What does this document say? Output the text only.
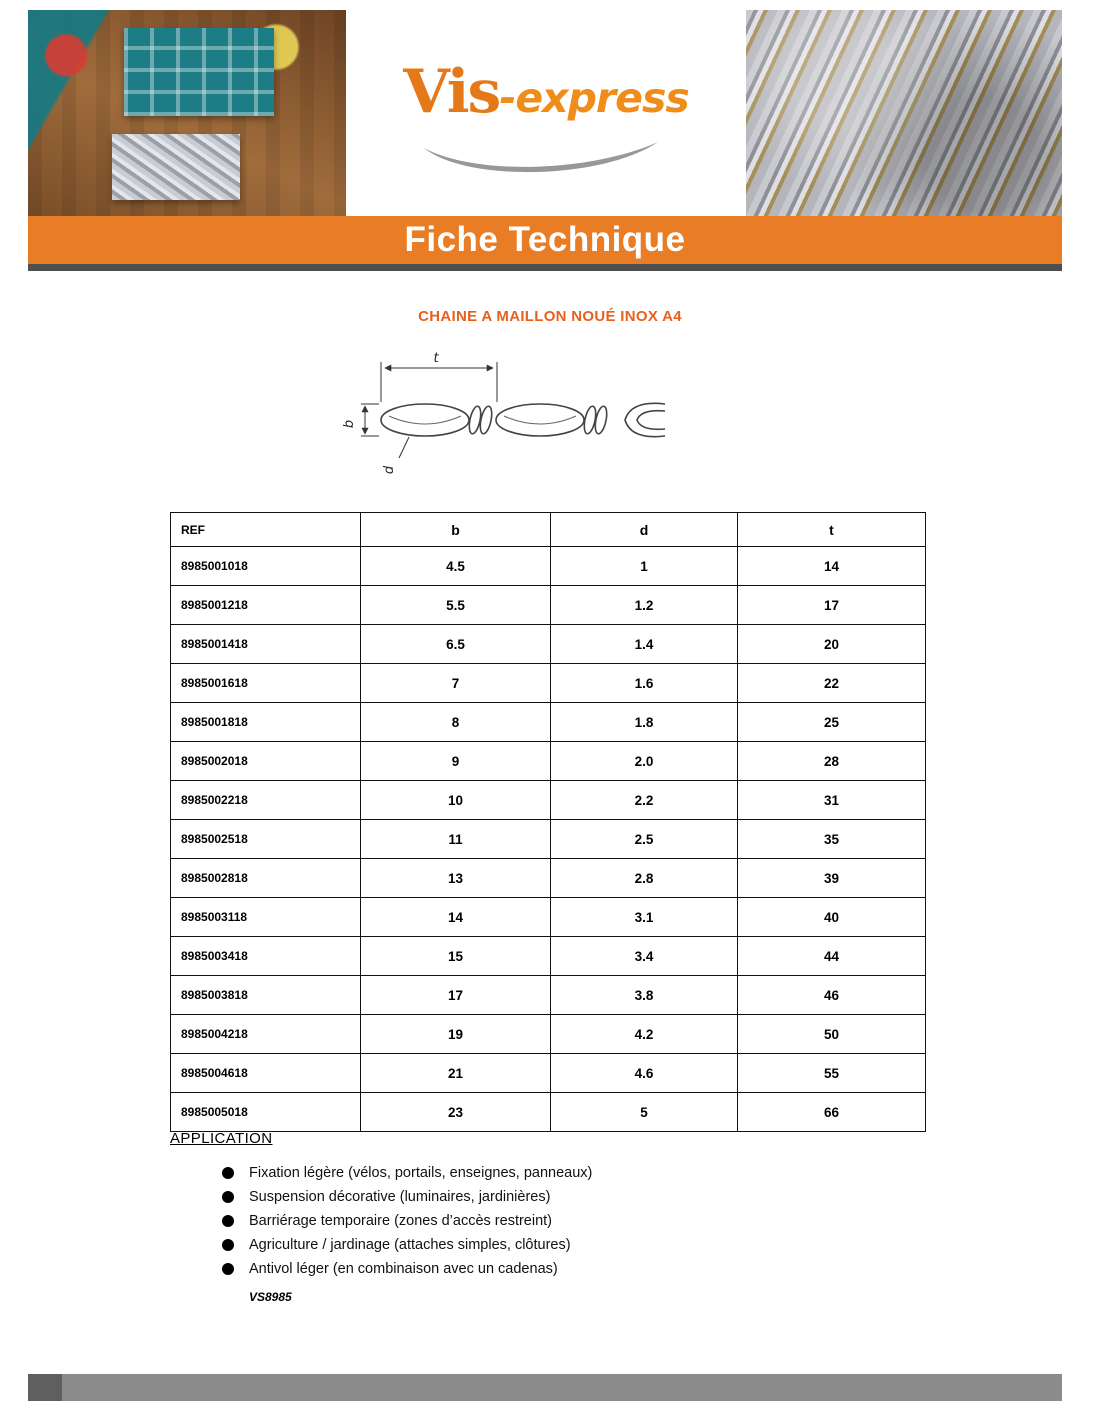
Vis-express
Fiche Technique
CHAINE A MAILLON NOUÉ INOX A4
t
b
d
REF	b	d	t
8985001018	4.5	1	14
8985001218	5.5	1.2	17
8985001418	6.5	1.4	20
8985001618	7	1.6	22
8985001818	8	1.8	25
8985002018	9	2.0	28
8985002218	10	2.2	31
8985002518	11	2.5	35
8985002818	13	2.8	39
8985003118	14	3.1	40
8985003418	15	3.4	44
8985003818	17	3.8	46
8985004218	19	4.2	50
8985004618	21	4.6	55
8985005018	23	5	66
APPLICATION
Fixation légère (vélos, portails, enseignes, panneaux)
Suspension décorative (luminaires, jardinières)
Barriérage temporaire (zones d’accès restreint)
Agriculture / jardinage (attaches simples, clôtures)
Antivol léger (en combinaison avec un cadenas)
VS8985
